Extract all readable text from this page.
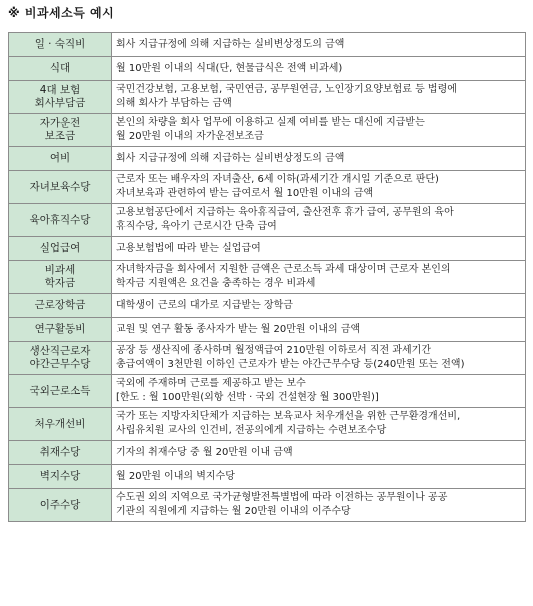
※ 비과세소득 예시
일 · 숙직비	회사 지급규정에 의해 지급하는 실비변상정도의 금액

식대	월 10만원 이내의 식대(단, 현물급식은 전액 비과세)

4대 보험
회사부담금	국민건강보험, 고용보험, 국민연금, 공무원연금, 노인장기요양보험료 등 법령에
의해 회사가 부담하는 금액

자가운전
보조금	본인의 차량을 회사 업무에 이용하고 실제 여비를 받는 대신에 지급받는
월 20만원 이내의 자가운전보조금

여비	회사 지급규정에 의해 지급하는 실비변상정도의 금액

자녀보육수당	근로자 또는 배우자의 자녀출산, 6세 이하(과세기간 개시일 기준으로 판단)
자녀보육과 관련하여 받는 급여로서 월 10만원 이내의 금액

육아휴직수당	고용보험공단에서 지급하는 육아휴직급여, 출산전후 휴가 급여, 공무원의 육아
휴직수당, 육아기 근로시간 단축 급여

실업급여	고용보험법에 따라 받는 실업급여

비과세
학자금	자녀학자금을 회사에서 지원한 금액은 근로소득 과세 대상이며 근로자 본인의
학자금 지원액은 요건을 충족하는 경우 비과세

근로장학금	대학생이 근로의 대가로 지급받는 장학금

연구활동비	교원 및 연구 활동 종사자가 받는 월 20만원 이내의 금액

생산직근로자
야간근무수당	공장 등 생산직에 종사하며 월정액급여 210만원 이하로서 직전 과세기간
총급여액이 3천만원 이하인 근로자가 받는 야간근무수당 등(240만원 또는 전액)

국외근로소득	국외에 주재하며 근로를 제공하고 받는 보수
[한도 : 월 100만원(외항 선박 · 국외 건설현장 월 300만원)]

처우개선비	국가 또는 지방자치단체가 지급하는 보육교사 처우개선을 위한 근무환경개선비,
사립유치원 교사의 인건비, 전공의에게 지급하는 수련보조수당

취재수당	기자의 취재수당 중 월 20만원 이내 금액

벽지수당	월 20만원 이내의 벽지수당

이주수당	수도권 외의 지역으로 국가균형발전특별법에 따라 이전하는 공무원이나 공공
기관의 직원에게 지급하는 월 20만원 이내의 이주수당
